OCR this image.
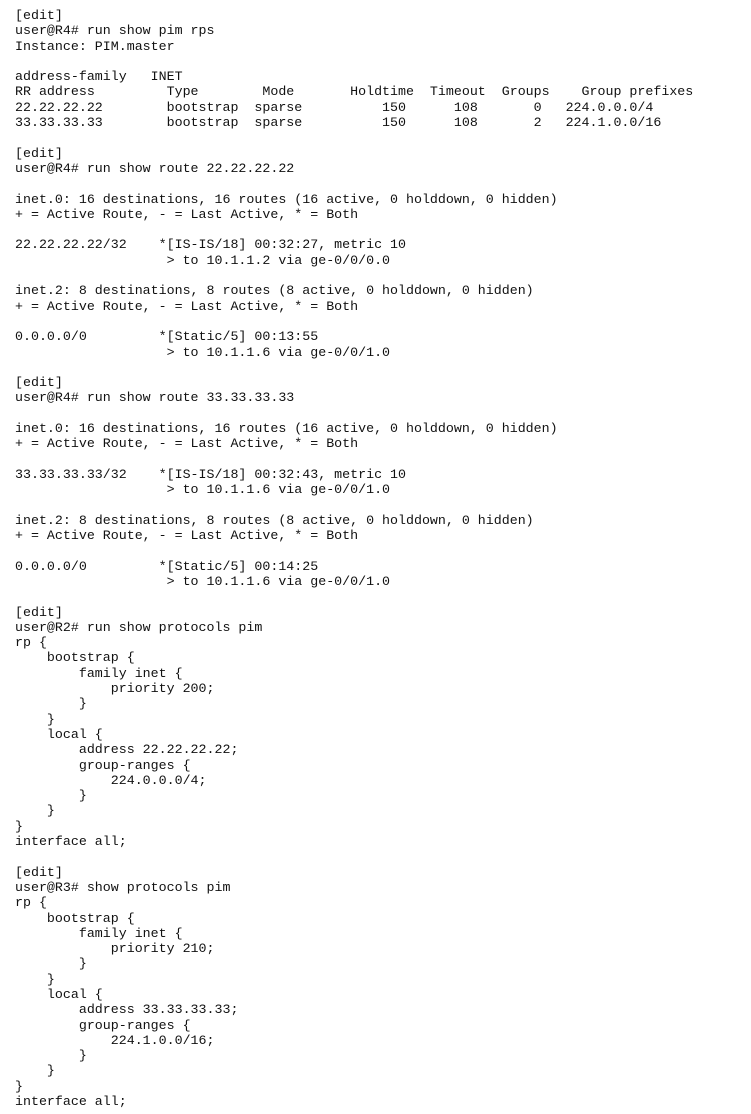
[edit]
user@R4# run show pim rps
Instance: PIM.master
address-family   INET
RR address         Type        Mode       Holdtime  Timeout  Groups    Group prefixes
22.22.22.22        bootstrap  sparse          150      108       0   224.0.0.0/4
33.33.33.33        bootstrap  sparse          150      108       2   224.1.0.0/16
[edit]
user@R4# run show route 22.22.22.22
inet.0: 16 destinations, 16 routes (16 active, 0 holddown, 0 hidden)
+ = Active Route, - = Last Active, * = Both
22.22.22.22/32    *[IS-IS/18] 00:32:27, metric 10
> to 10.1.1.2 via ge-0/0/0.0
inet.2: 8 destinations, 8 routes (8 active, 0 holddown, 0 hidden)
+ = Active Route, - = Last Active, * = Both
0.0.0.0/0         *[Static/5] 00:13:55
> to 10.1.1.6 via ge-0/0/1.0
[edit]
user@R4# run show route 33.33.33.33
inet.0: 16 destinations, 16 routes (16 active, 0 holddown, 0 hidden)
+ = Active Route, - = Last Active, * = Both
33.33.33.33/32    *[IS-IS/18] 00:32:43, metric 10
> to 10.1.1.6 via ge-0/0/1.0
inet.2: 8 destinations, 8 routes (8 active, 0 holddown, 0 hidden)
+ = Active Route, - = Last Active, * = Both
0.0.0.0/0         *[Static/5] 00:14:25
> to 10.1.1.6 via ge-0/0/1.0
[edit]
user@R2# run show protocols pim
rp {
bootstrap {
family inet {
priority 200;
}
}
local {
address 22.22.22.22;
group-ranges {
224.0.0.0/4;
}
}
}
interface all;
[edit]
user@R3# show protocols pim
rp {
bootstrap {
family inet {
priority 210;
}
}
local {
address 33.33.33.33;
group-ranges {
224.1.0.0/16;
}
}
}
interface all;
